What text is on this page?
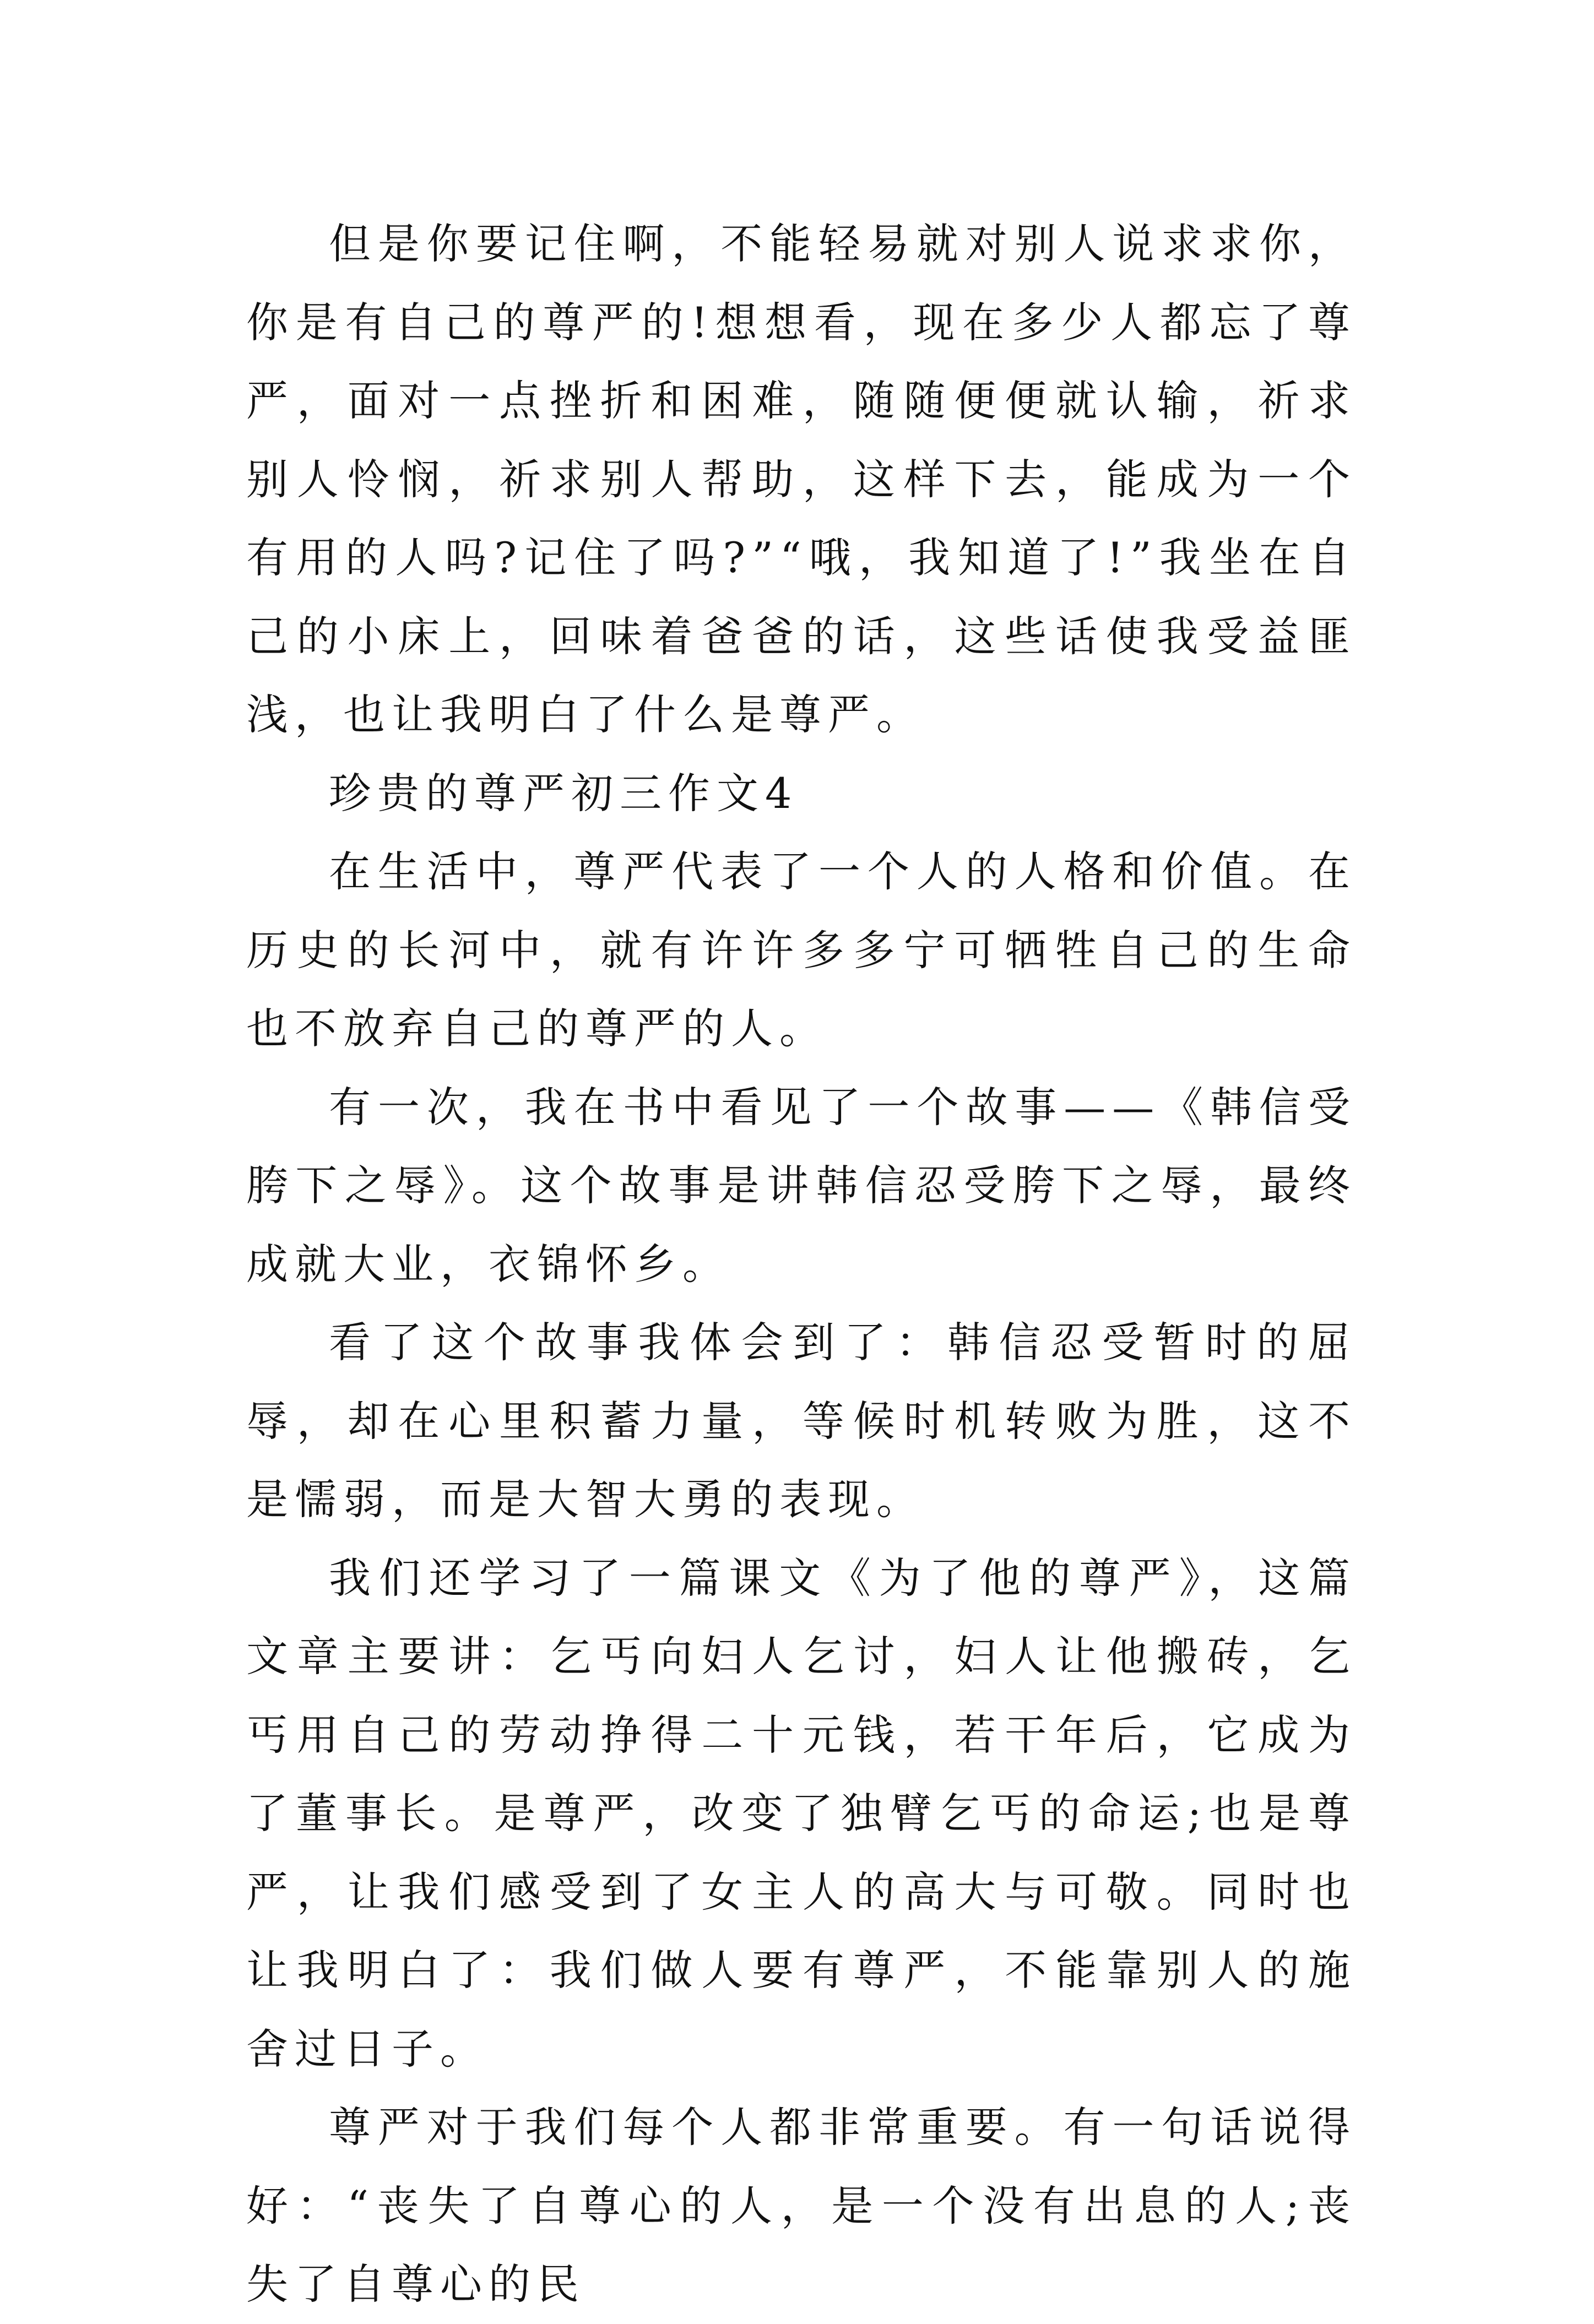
但是你要记住啊，不能轻易就对别人说求求你，你是有自己的尊严的!想想看，现在多少人都忘了尊严，面对一点挫折和困难，随随便便就认输，祈求别人怜悯，祈求别人帮助，这样下去，能成为一个有用的人吗?记住了吗?”“哦，我知道了!”我坐在自己的小床上，回味着爸爸的话，这些话使我受益匪浅，也让我明白了什么是尊严。

珍贵的尊严初三作文4

在生活中，尊严代表了一个人的人格和价值。在历史的长河中，就有许许多多宁可牺牲自己的生命也不放弃自己的尊严的人。

有一次，我在书中看见了一个故事——《韩信受胯下之辱》。这个故事是讲韩信忍受胯下之辱，最终成就大业，衣锦怀乡。

看了这个故事我体会到了：韩信忍受暂时的屈辱，却在心里积蓄力量，等候时机转败为胜，这不是懦弱，而是大智大勇的表现。

我们还学习了一篇课文《为了他的尊严》，这篇文章主要讲：乞丐向妇人乞讨，妇人让他搬砖，乞丐用自己的劳动挣得二十元钱，若干年后，它成为了董事长。是尊严，改变了独臂乞丐的命运;也是尊严，让我们感受到了女主人的高大与可敬。同时也让我明白了：我们做人要有尊严，不能靠别人的施舍过日子。

尊严对于我们每个人都非常重要。有一句话说得好：“丧失了自尊心的人，是一个没有出息的人;丧失了自尊心的民
